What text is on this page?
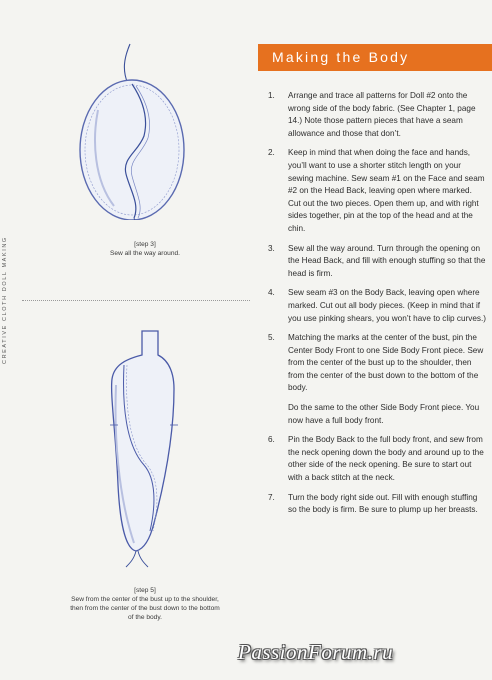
CREATIVE CLOTH DOLL MAKING	[step 3]
Sew all the way around.
[step 5]
Sew from the center of the bust up to the shoulder, then from the center of the bust down to the bottom of the body.
Making the Body
1. Arrange and trace all patterns for Doll #2 onto the wrong side of the body fabric. (See Chapter 1, page 14.) Note those pattern pieces that have a seam allowance and those that don’t.

2. Keep in mind that when doing the face and hands, you’ll want to use a shorter stitch length on your sewing machine. Sew seam #1 on the Face and seam #2 on the Head Back, leaving open where marked. Cut out the two pieces. Open them up, and with right sides together, pin at the top of the head and at the chin.

3. Sew all the way around. Turn through the opening on the Head Back, and fill with enough stuffing so that the head is firm.

4. Sew seam #3 on the Body Back, leaving open where marked. Cut out all body pieces. (Keep in mind that if you use pinking shears, you won’t have to clip curves.)

5. Matching the marks at the center of the bust, pin the Center Body Front to one Side Body Front piece. Sew from the center of the bust up to the shoulder, then from the center of the bust down to the bottom of the body.

Do the same to the other Side Body Front piece. You now have a full body front.

6. Pin the Body Back to the full body front, and sew from the neck opening down the body and around up to the other side of the neck opening. Be sure to start out with a back stitch at the neck.

7. Turn the body right side out. Fill with enough stuffing so the body is firm. Be sure to plump up her breasts.

PassionForum.ru
